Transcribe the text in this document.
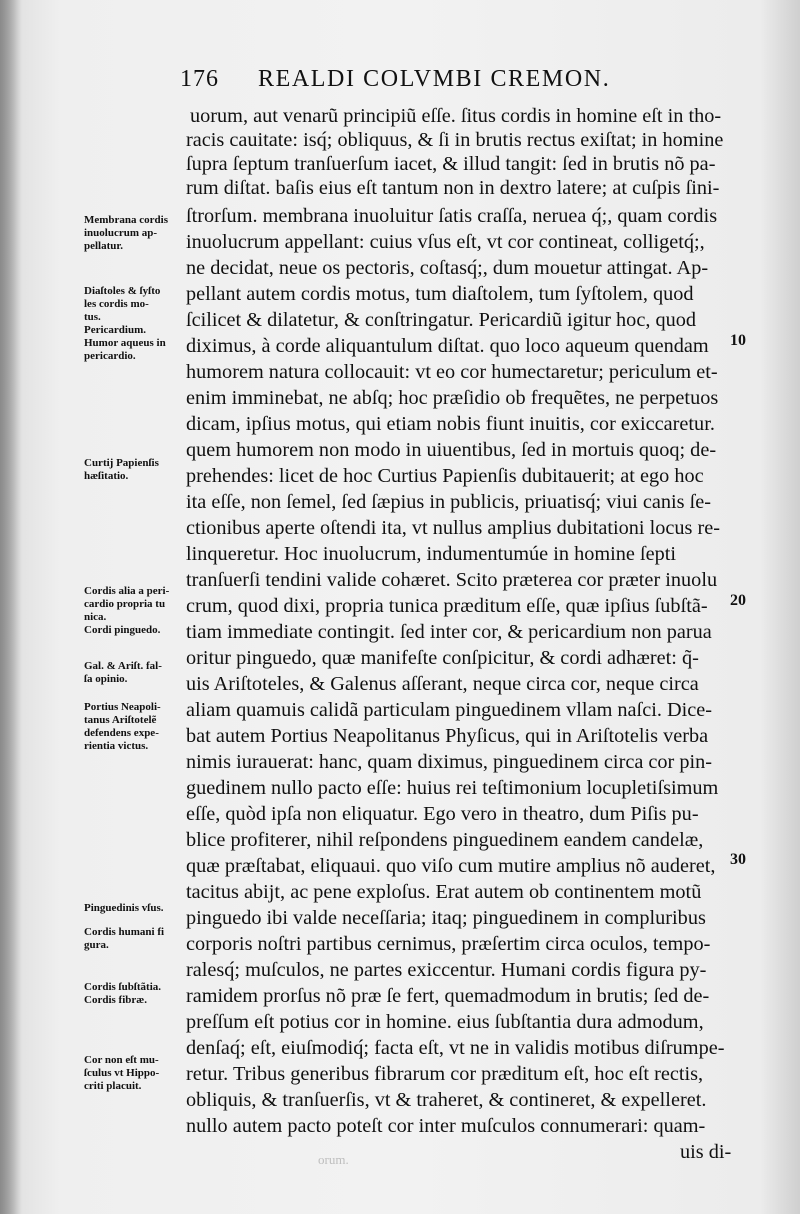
176 REALDI COLVMBI CREMON.
uorum, aut venarũ principiũ eſſe. ſitus cordis in homine eſt in tho-
racis cauitate: isq́; obliquus, & ſi in brutis rectus exiſtat; in homine
ſupra ſeptum tranſuerſum iacet, & illud tangit: ſed in brutis nõ pa-
rum diſtat. baſis eius eſt tantum non in dextro latere; at cuſpis ſini-
ſtrorſum. membrana inuoluitur ſatis craſſa, neruea q́;, quam cordis
inuolucrum appellant: cuius vſus eſt, vt cor contineat, colligetq́;,
ne decidat, neue os pectoris, coſtasq́;, dum mouetur attingat. Ap-
pellant autem cordis motus, tum diaſtolem, tum ſyſtolem, quod
ſcilicet & dilatetur, & conſtringatur. Pericardiũ igitur hoc, quod
diximus, à corde aliquantulum diſtat. quo loco aqueum quendam
humorem natura collocauit: vt eo cor humectaretur; periculum et-
enim imminebat, ne abſq; hoc præſidio ob frequẽtes, ne perpetuos
dicam, ipſius motus, qui etiam nobis fiunt inuitis, cor exiccaretur.
quem humorem non modo in uiuentibus, ſed in mortuis quoq; de-
prehendes: licet de hoc Curtius Papienſis dubitauerit; at ego hoc
ita eſſe, non ſemel, ſed ſæpius in publicis, priuatisq́; viui canis ſe-
ctionibus aperte oſtendi ita, vt nullus amplius dubitationi locus re-
linqueretur. Hoc inuolucrum, indumentumúe in homine ſepti
tranſuerſi tendini valide cohæret. Scito præterea cor præter inuolu
crum, quod dixi, propria tunica præditum eſſe, quæ ipſius ſubſtã-
tiam immediate contingit. ſed inter cor, & pericardium non parua
oritur pinguedo, quæ manifeſte conſpicitur, & cordi adhæret: q̃-
uis Ariſtoteles, & Galenus aſſerant, neque circa cor, neque circa
aliam quamuis calidã particulam pinguedinem vllam naſci. Dice-
bat autem Portius Neapolitanus Phyſicus, qui in Ariſtotelis verba
nimis iurauerat: hanc, quam diximus, pinguedinem circa cor pin-
guedinem nullo pacto eſſe: huius rei teſtimonium locupletiſsimum
eſſe, quòd ipſa non eliquatur. Ego vero in theatro, dum Piſis pu-
blice profiterer, nihil reſpondens pinguedinem eandem candelæ,
quæ præſtabat, eliquaui. quo viſo cum mutire amplius nõ auderet,
tacitus abijt, ac pene exploſus. Erat autem ob continentem motũ
pinguedo ibi valde neceſſaria; itaq; pinguedinem in compluribus
corporis noſtri partibus cernimus, præſertim circa oculos, tempo-
ralesq́; muſculos, ne partes exiccentur. Humani cordis figura py-
ramidem prorſus nõ præ ſe fert, quemadmodum in brutis; ſed de-
preſſum eſt potius cor in homine. eius ſubſtantia dura admodum,
denſaq́; eſt, eiuſmodiq́; facta eſt, vt ne in validis motibus diſrumpe-
retur. Tribus generibus fibrarum cor præditum eſt, hoc eſt rectis,
obliquis, & tranſuerſis, vt & traheret, & contineret, & expelleret.
nullo autem pacto poteſt cor inter muſculos connumerari: quam-
uis di-
Membrana cordis
inuolucrum ap-
pellatur.
Diaſtoles & ſyſto
les cordis mo-
tus.
Pericardium.
Humor aqueus in
pericardio.
Curtij Papienſis
hæſitatio.
Cordis alia a peri-
cardio propria tu
nica.
Cordi pinguedo.
Gal. & Ariſt. fal-
ſa opinio.
Portius Neapoli-
tanus Ariſtotelẽ
defendens expe-
rientia victus.
Pinguedinis vſus.
Cordis humani fi
gura.
Cordis ſubſtãtia.
Cordis fibræ.
Cor non eſt mu-
ſculus vt Hippo-
criti placuit.
10
20
30
orum.
